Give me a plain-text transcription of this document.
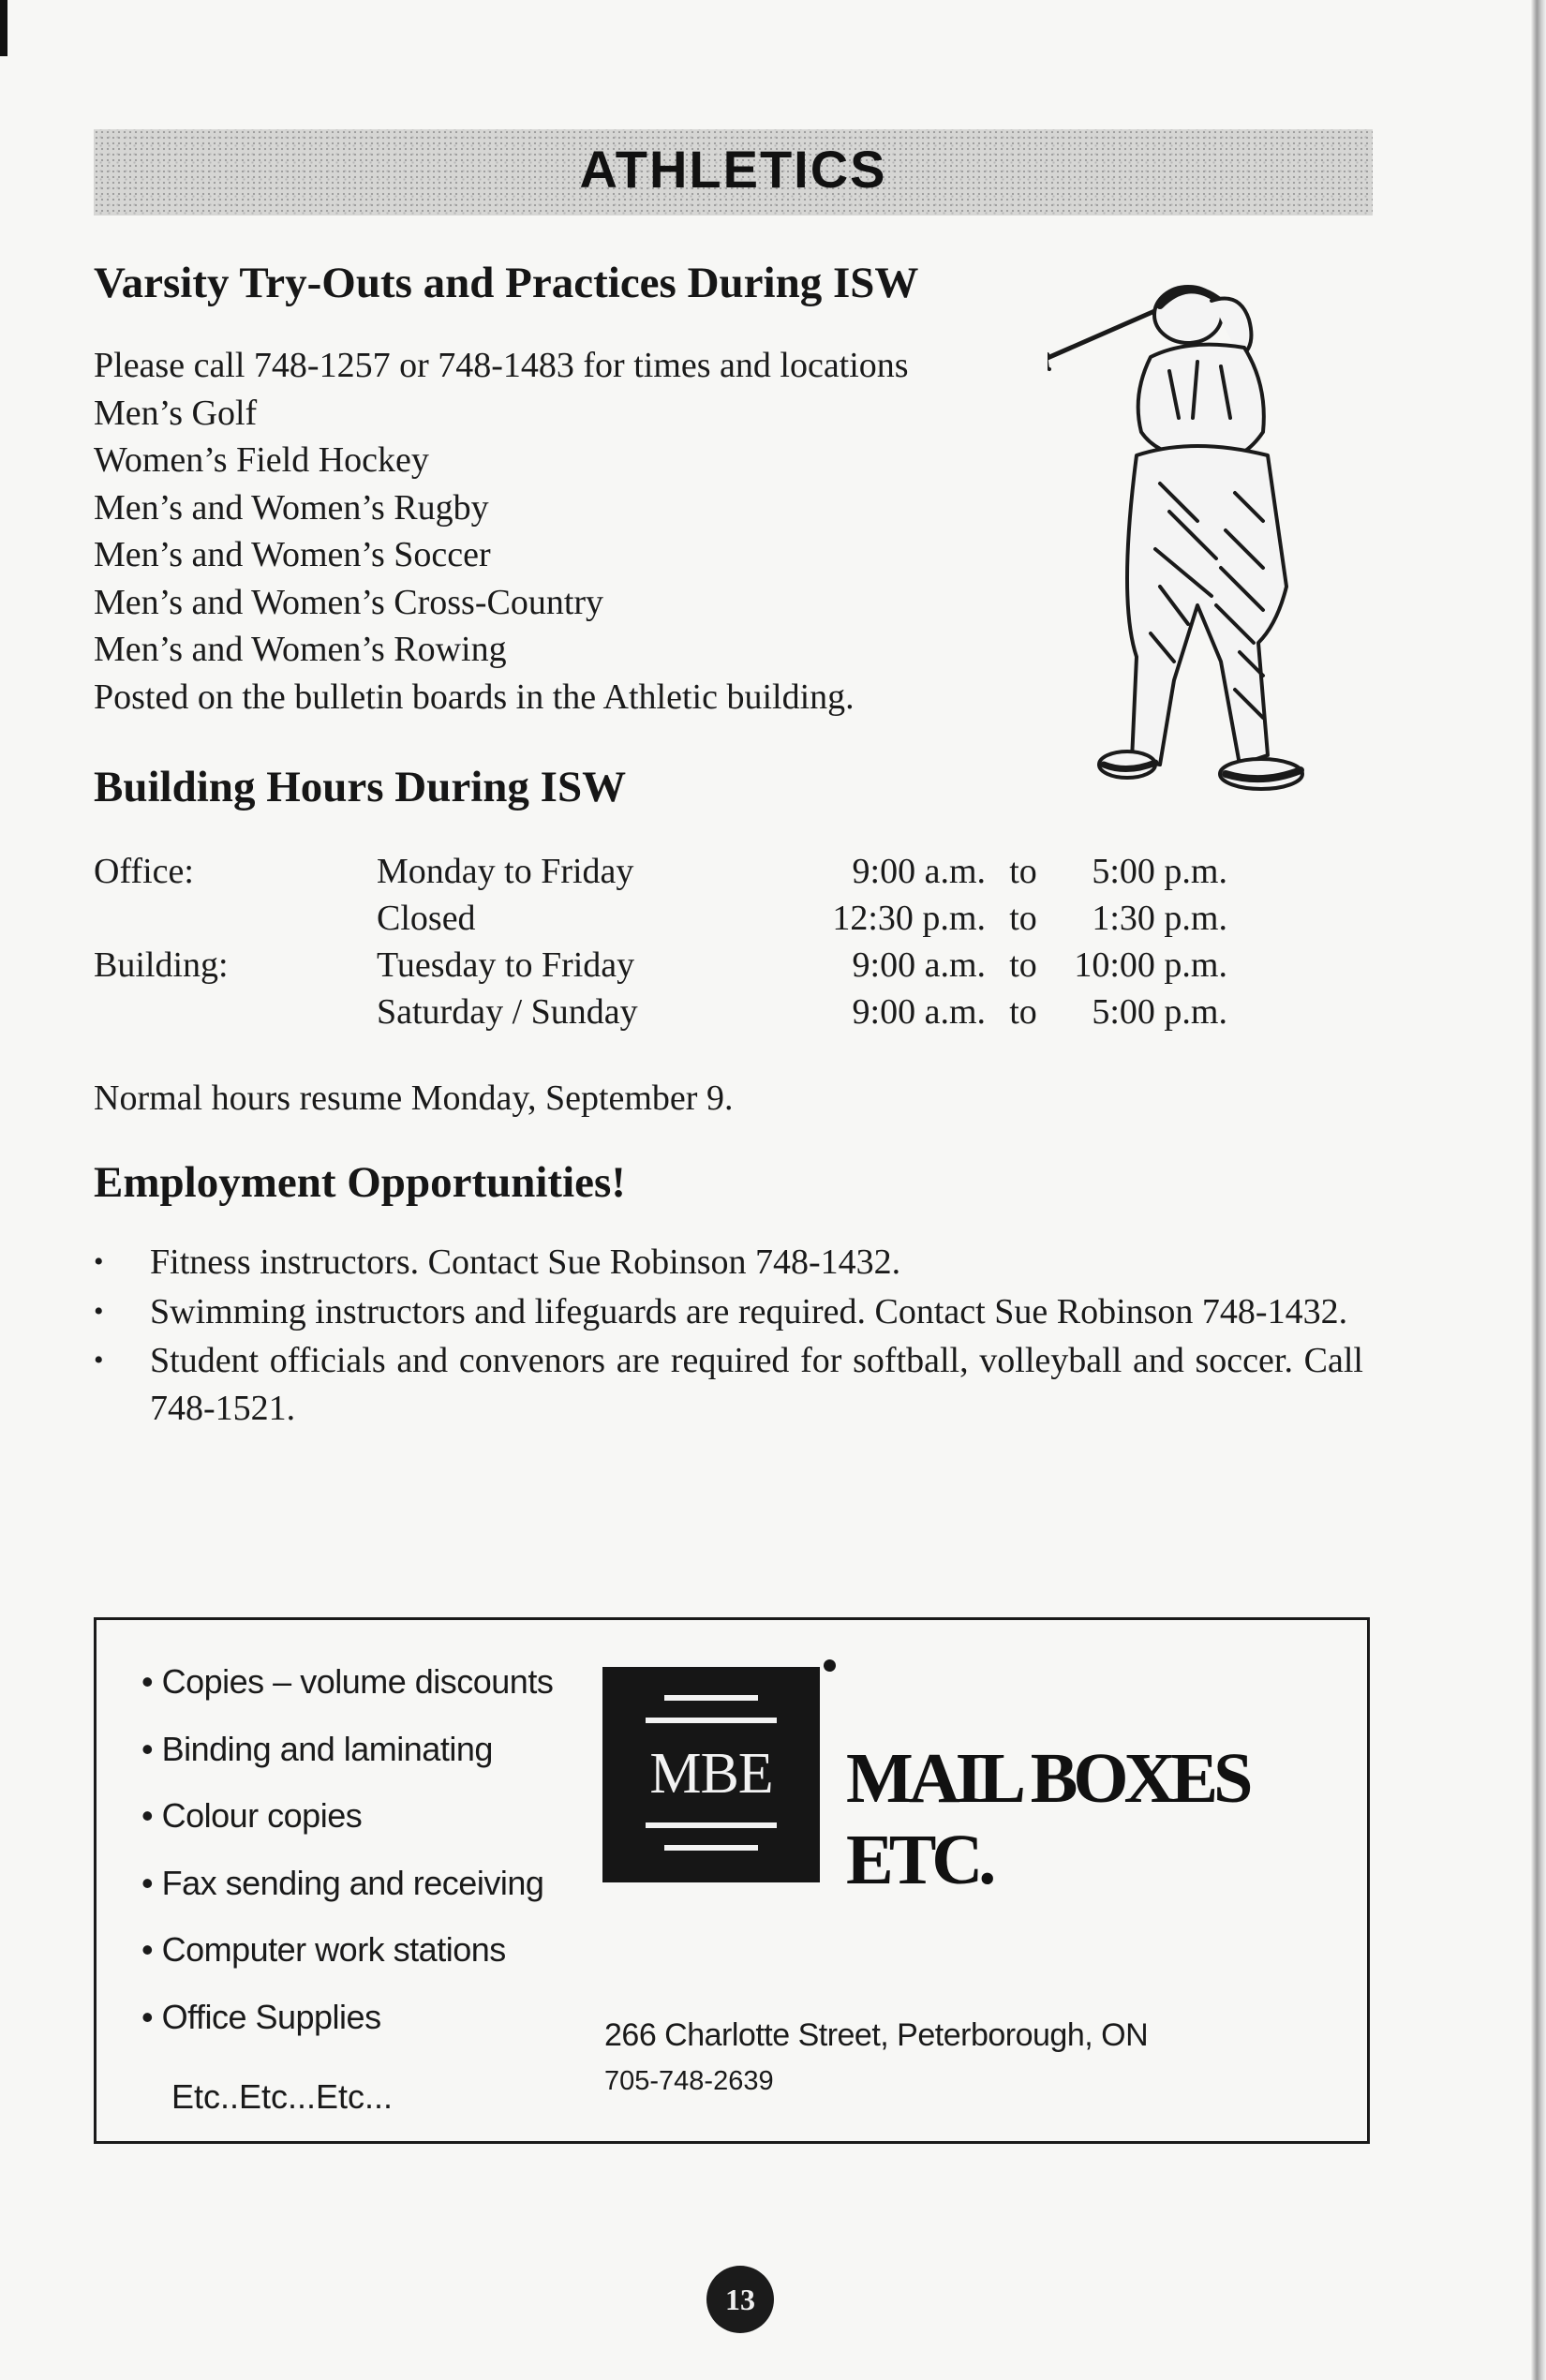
ATHLETICS
Varsity Try-Outs and Practices During ISW
Please call 748-1257 or 748-1483 for times and locations
Men’s Golf
Women’s Field Hockey
Men’s and Women’s Rugby
Men’s and Women’s Soccer
Men’s and Women’s Cross-Country
Men’s and Women’s Rowing
Posted on the bulletin boards in the Athletic building.
Building Hours During ISW
Office:	Monday to Friday	9:00 a.m.	to	5:00 p.m.
	Closed	12:30 p.m.	to	1:30 p.m.
Building:	Tuesday to Friday	9:00 a.m.	to	10:00 p.m.
	Saturday / Sunday	9:00 a.m.	to	5:00 p.m.
Normal hours resume Monday, September 9.
Employment Opportunities!
• Fitness instructors. Contact Sue Robinson 748-1432.
• Swimming instructors and lifeguards are required. Contact Sue Robinson 748-1432.
• Student officials and convenors are required for softball, volleyball and soccer. Call 748-1521.
• Copies – volume discounts
• Binding and laminating
• Colour copies
• Fax sending and receiving
• Computer work stations
• Office Supplies
Etc..Etc...Etc...
MBE	MAIL BOXES ETC.
266 Charlotte Street, Peterborough, ON
705-748-2639
13
